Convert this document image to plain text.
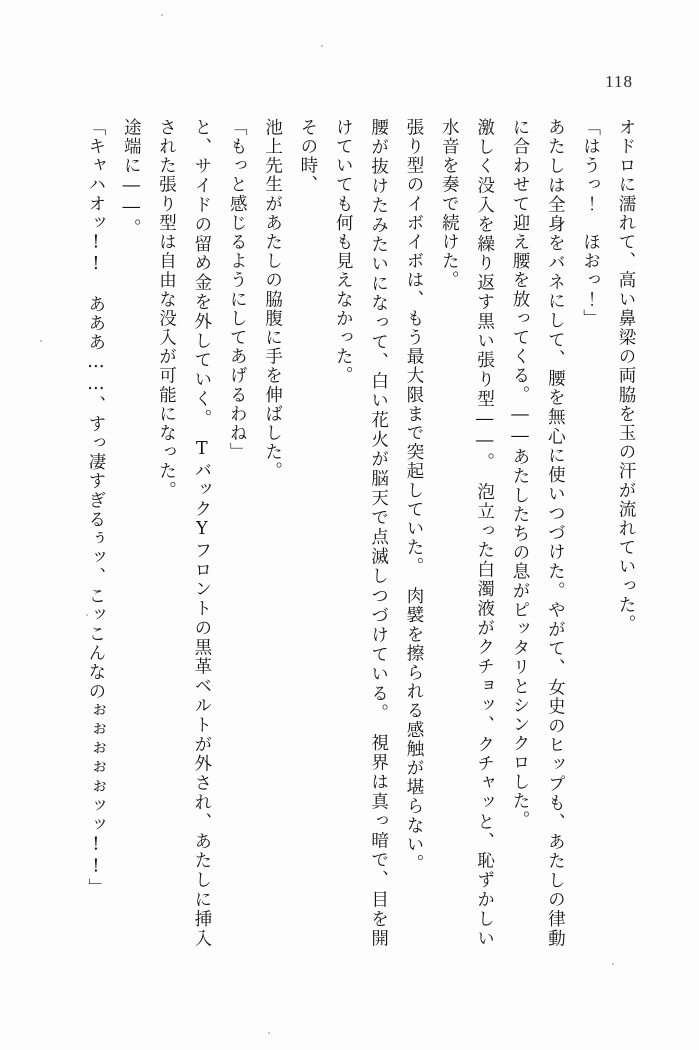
118

オドロに濡れて、高い鼻梁の両脇を玉の汗が流れていった。

「はうっ！　ほおっ！」

あたしは全身をバネにして、腰を無心に使いつづけた。やがて、女史のヒップも、あたしの律動に合わせて迎え腰を放ってくる。――あたしたちの息がピッタリとシンクロした。

激しく没入を繰り返す黒い張り型――。　泡立った白濁液がクチョッ、クチャッと、恥ずかしい水音を奏で続けた。

張り型のイボイボは、もう最大限まで突起していた。　肉襞を擦られる感触が堪らない。

腰が抜けたみたいになって、白い花火が脳天で点滅しつづけている。　視界は真っ暗で、目を開けていても何も見えなかった。

その時、

池上先生があたしの脇腹に手を伸ばした。

「もっと感じるようにしてあげるわね」

と、サイドの留め金を外していく。　TバックYフロントの黒革ベルトが外され、あたしに挿入された張り型は自由な没入が可能になった。

途端に――。

「キャハオッ!!　あああ……、すっ凄すぎるぅッ、こッこんなのぉぉぉぉぉッッ!!」
